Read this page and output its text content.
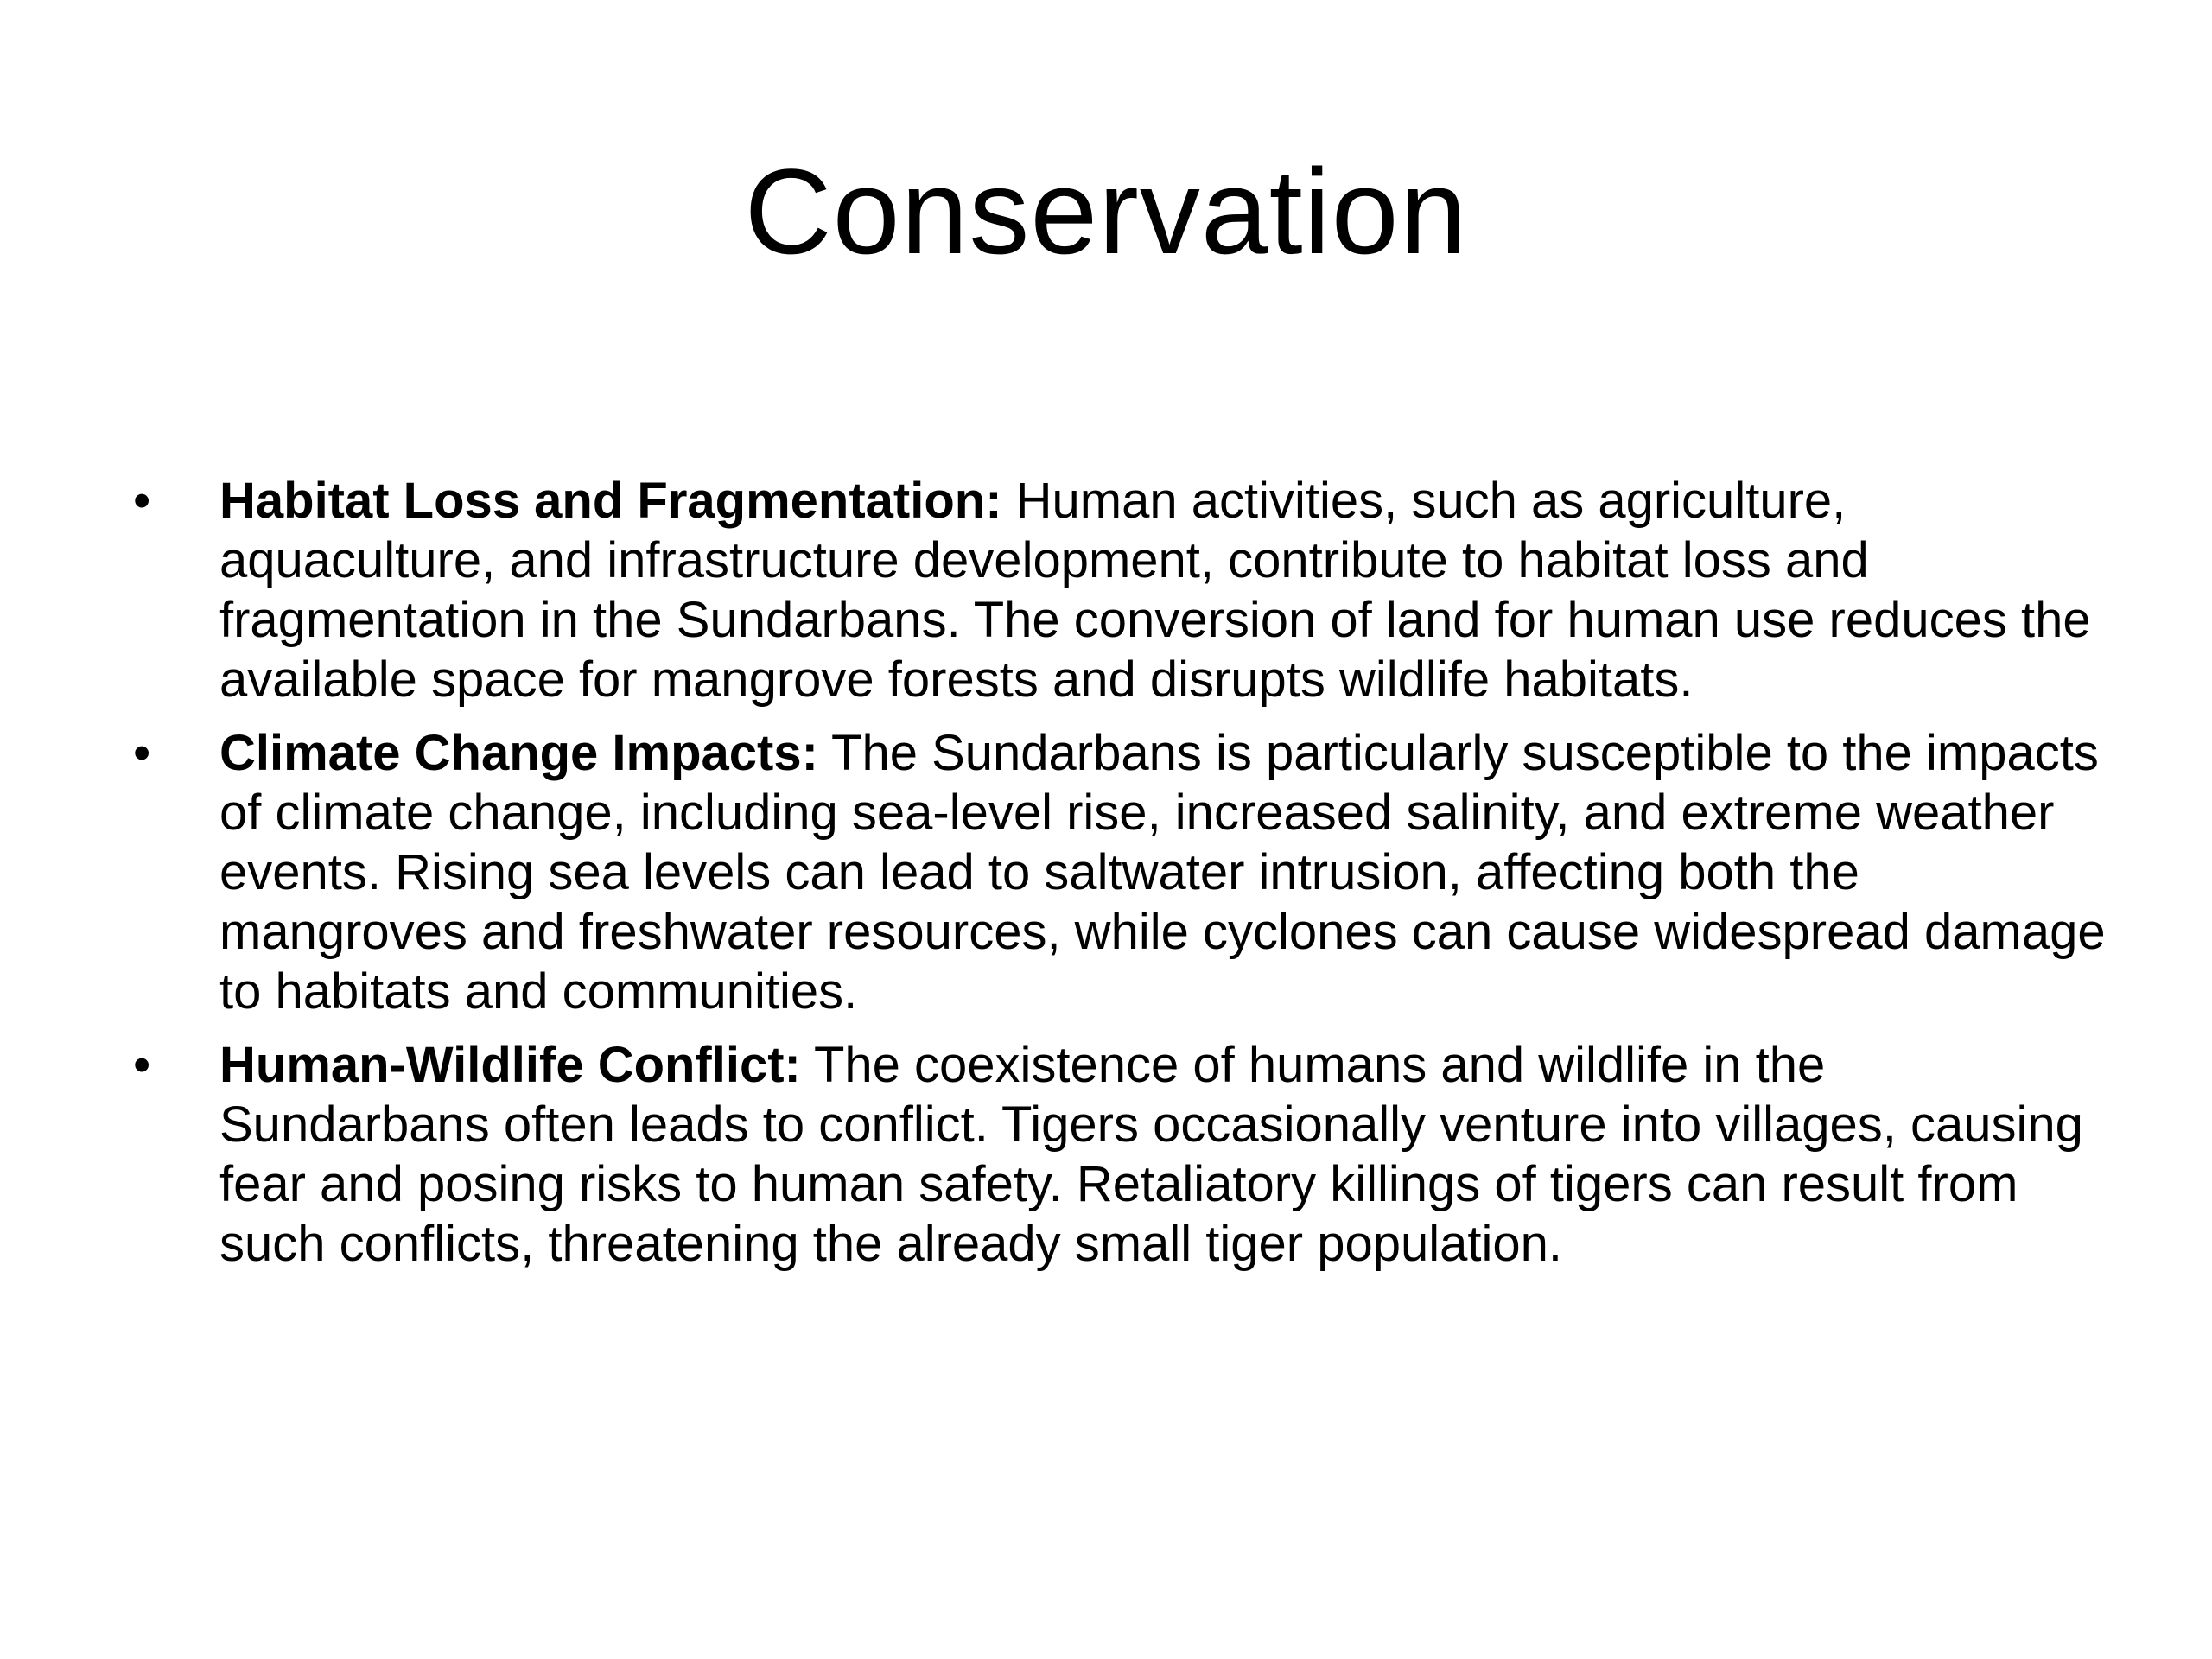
Conservation
• Habitat Loss and Fragmentation: Human activities, such as agriculture, aquaculture, and infrastructure development, contribute to habitat loss and fragmentation in the Sundarbans. The conversion of land for human use reduces the available space for mangrove forests and disrupts wildlife habitats.
• Climate Change Impacts: The Sundarbans is particularly susceptible to the impacts of climate change, including sea-level rise, increased salinity, and extreme weather events. Rising sea levels can lead to saltwater intrusion, affecting both the mangroves and freshwater resources, while cyclones can cause widespread damage to habitats and communities.
• Human-Wildlife Conflict: The coexistence of humans and wildlife in the Sundarbans often leads to conflict. Tigers occasionally venture into villages, causing fear and posing risks to human safety. Retaliatory killings of tigers can result from such conflicts, threatening the already small tiger population.
